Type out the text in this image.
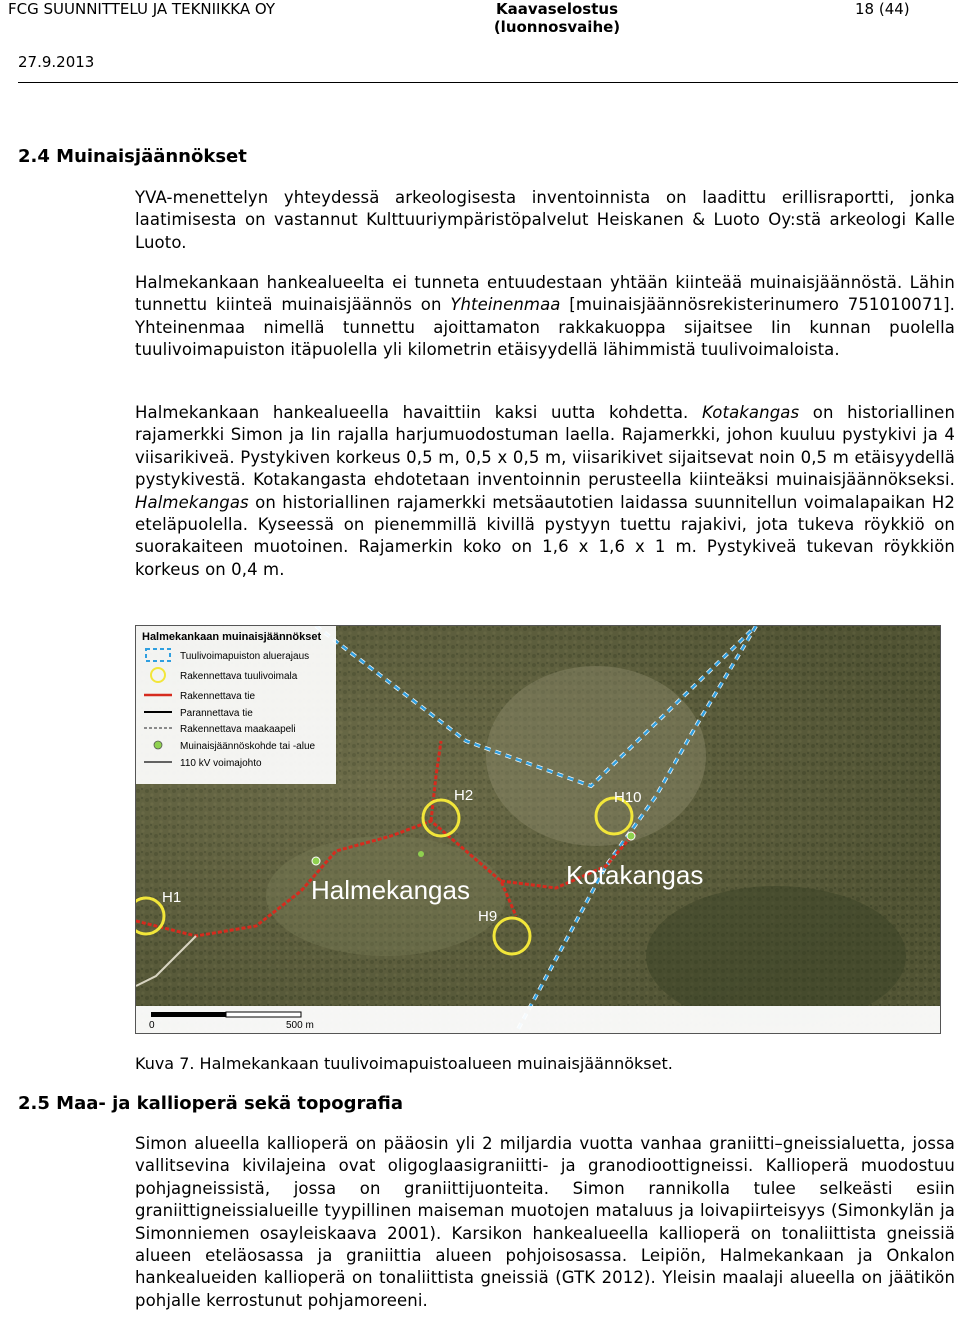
FCG SUUNNITTELU JA TEKNIIKKA OY	Kaavaselostus
(luonnosvaihe)
18 (44)
27.9.2013
2.4 Muinaisjäännökset

YVA-menettelyn yhteydessä arkeologisesta inventoinnista on laadittu erillisraportti, jonka laatimisesta on vastannut Kulttuuriympäristöpalvelut Heiskanen & Luoto Oy:stä arkeologi Kalle Luoto.

Halmekankaan hankealueelta ei tunneta entuudestaan yhtään kiinteää muinaisjäännöstä. Lähin tunnettu kiinteä muinaisjäännös on Yhteinenmaa [muinaisjäännösrekisterinumero 751010071]. Yhteinenmaa nimellä tunnettu ajoittamaton rakkakuoppa sijaitsee Iin kunnan puolella tuulivoimapuiston itäpuolella yli kilometrin etäisyydellä lähimmistä tuulivoimaloista.

Halmekankaan hankealueella havaittiin kaksi uutta kohdetta. Kotakangas on historiallinen rajamerkki Simon ja Iin rajalla harjumuodostuman laella. Rajamerkki, johon kuuluu pystykivi ja 4 viisarikiveä. Pystykiven korkeus 0,5 m, 0,5 x 0,5 m, viisarikivet sijaitsevat noin 0,5 m etäisyydellä pystykivestä. Kotakangasta ehdotetaan inventoinnin perusteella kiinteäksi muinaisjäännökseksi. Halmekangas on historiallinen rajamerkki metsäautotien laidassa suunnitellun voimalapaikan H2 eteläpuolella. Kyseessä on pienemmillä kivillä pystyyn tuettu rajakivi, jota tukeva röykkiö on suorakaiteen muotoinen. Rajamerkin koko on 1,6 x 1,6 x 1 m. Pystykiveä tukevan röykkiön korkeus on 0,4 m.

H1
H2
H9
H10
Halmekangas	Kotakangas
Halmekankaan muinaisjäännökset
Tuulivoimapuiston aluerajaus
Rakennettava tuulivoimala
Rakennettava tie
Parannettava tie
Rakennettava maakaapeli
Muinaisjäännöskohde tai -alue
110 kV voimajohto
0	500 m
Kuva 7. Halmekankaan tuulivoimapuistoalueen muinaisjäännökset.
2.5 Maa- ja kallioperä sekä topografia

Simon alueella kallioperä on pääosin yli 2 miljardia vuotta vanhaa graniitti–gneissialuetta, jossa vallitsevina kivilajeina ovat oligoglaasigraniitti- ja granodioottigneissi. Kallioperä muodostuu pohjagneissistä, jossa on graniittijuonteita. Simon rannikolla tulee selkeästi esiin graniittigneissialueille tyypillinen maiseman muotojen mataluus ja loivapiirteisyys (Simonkylän ja Simonniemen osayleiskaava 2001). Karsikon hankealueella kallioperä on tonaliittista gneissiä alueen eteläosassa ja graniittia alueen pohjoisosassa. Leipiön, Halmekankaan ja Onkalon hankealueiden kallioperä on tonaliittista gneissiä (GTK 2012). Yleisin maalaji alueella on jäätikön pohjalle kerrostunut pohjamoreeni.
